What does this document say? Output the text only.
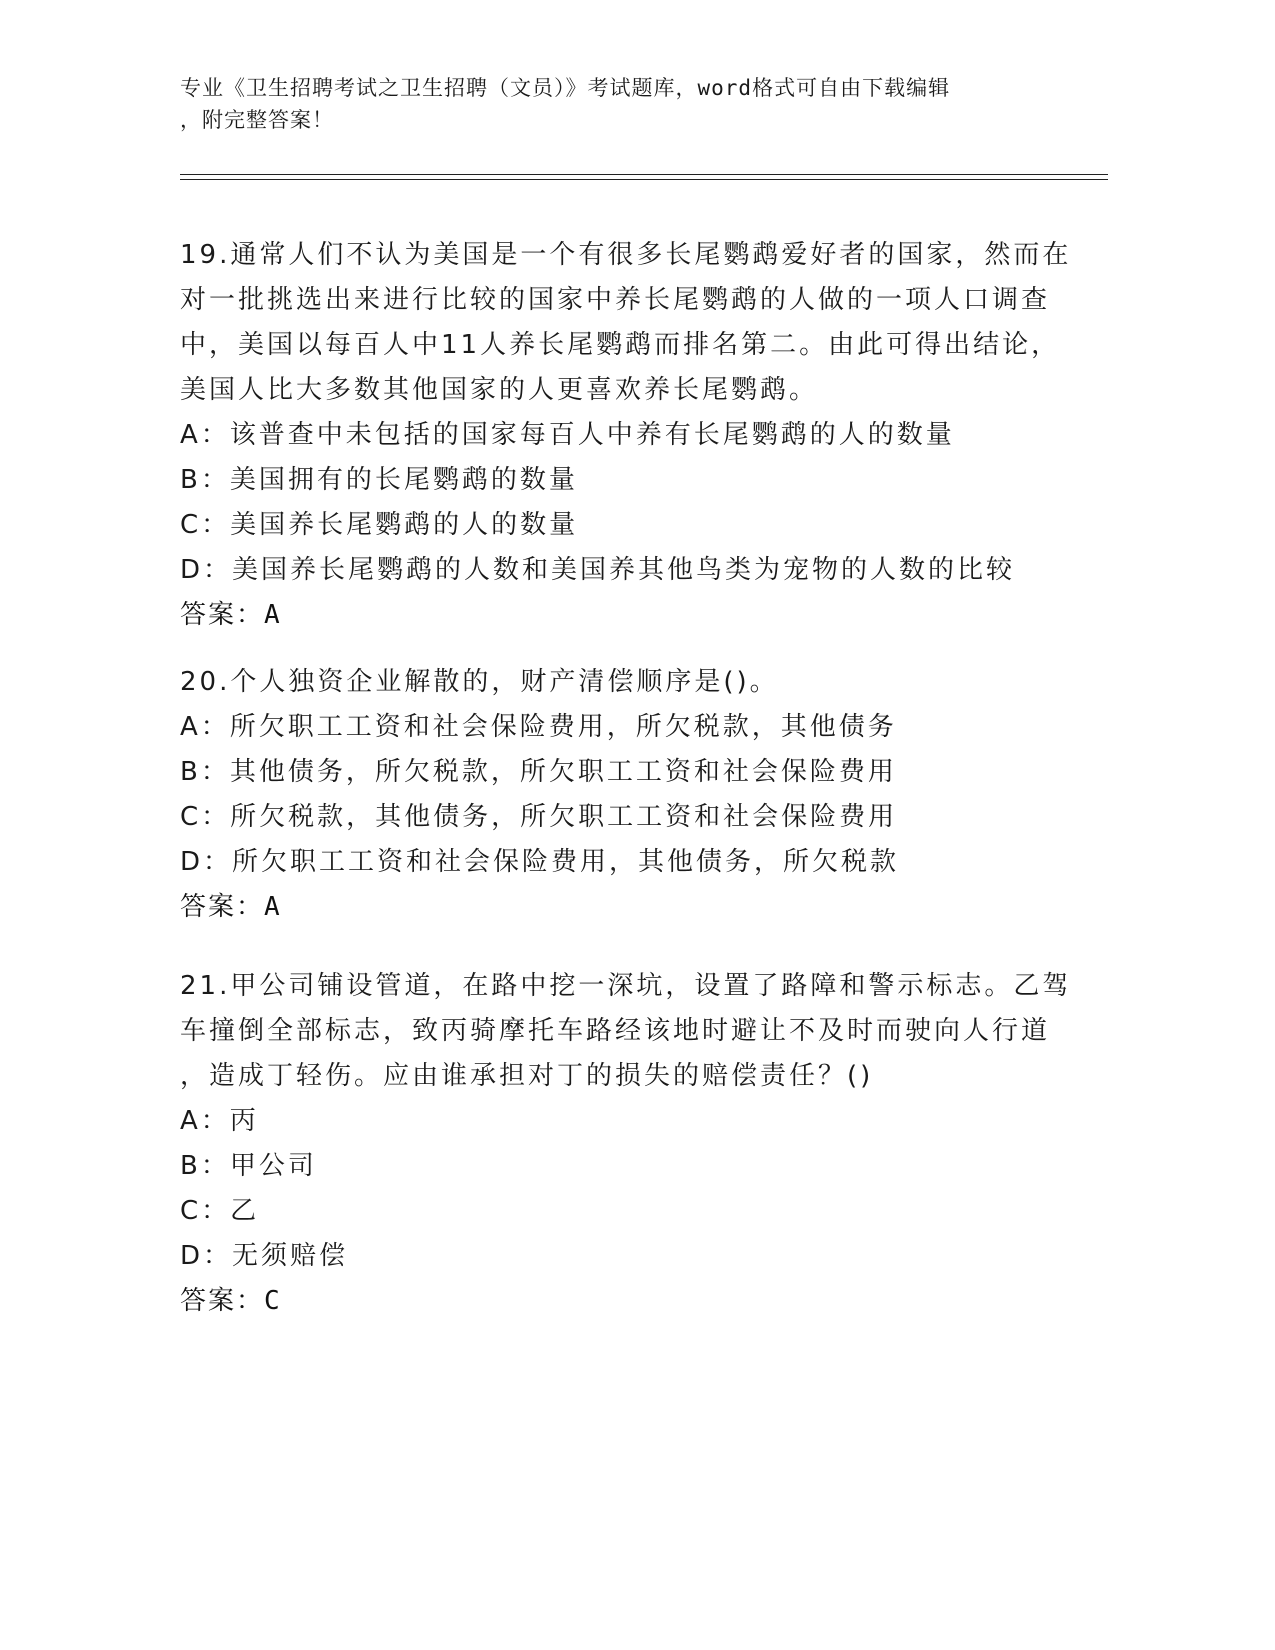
专业《卫生招聘考试之卫生招聘（文员）》考试题库，word格式可自由下载编辑
，附完整答案！
19.通常人们不认为美国是一个有很多长尾鹦鹉爱好者的国家，然而在
对一批挑选出来进行比较的国家中养长尾鹦鹉的人做的一项人口调查
中，美国以每百人中11人养长尾鹦鹉而排名第二。由此可得出结论，
美国人比大多数其他国家的人更喜欢养长尾鹦鹉。
A：该普查中未包括的国家每百人中养有长尾鹦鹉的人的数量
B：美国拥有的长尾鹦鹉的数量
C：美国养长尾鹦鹉的人的数量
D：美国养长尾鹦鹉的人数和美国养其他鸟类为宠物的人数的比较
答案：A
20.个人独资企业解散的，财产清偿顺序是()。
A：所欠职工工资和社会保险费用，所欠税款，其他债务
B：其他债务，所欠税款，所欠职工工资和社会保险费用
C：所欠税款，其他债务，所欠职工工资和社会保险费用
D：所欠职工工资和社会保险费用，其他债务，所欠税款
答案：A
21.甲公司铺设管道，在路中挖一深坑，设置了路障和警示标志。乙驾
车撞倒全部标志，致丙骑摩托车路经该地时避让不及时而驶向人行道
，造成丁轻伤。应由谁承担对丁的损失的赔偿责任？()
A：丙
B：甲公司
C：乙
D：无须赔偿
答案：C
